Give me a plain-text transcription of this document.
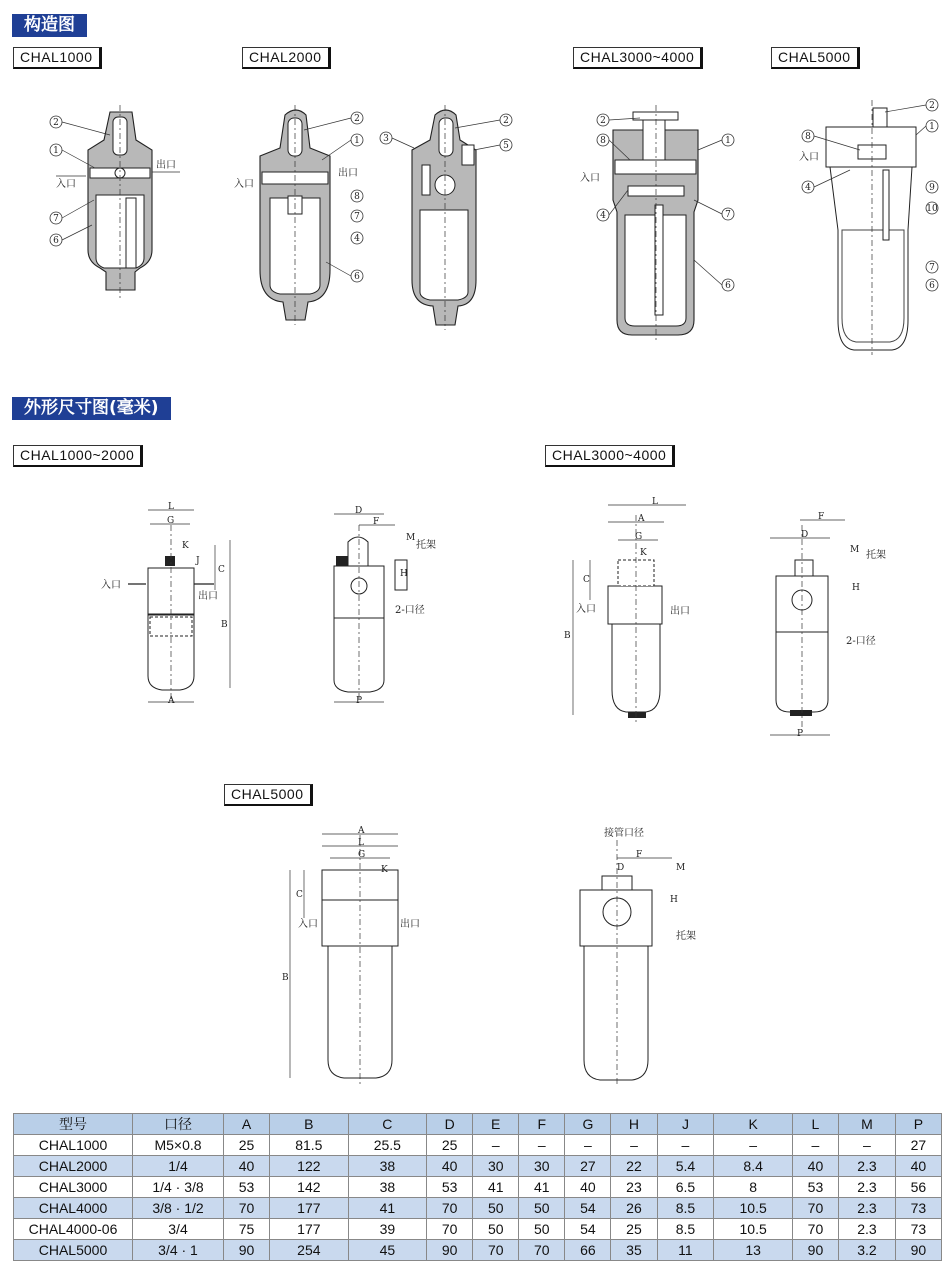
构造图
外形尺寸图(毫米)
CHAL1000	CHAL2000	CHAL3000~4000	CHAL5000
CHAL1000~2000	CHAL3000~4000
CHAL5000
2
1
7
6
入口
出口
2
1
8
7
4
6
入口
出口
3
2
5
2
8
4
1
7
6
入口
2
1
8
4	9
10
7
6
入口
L
G
K
J
C
B
A
入口
出口
D
F
M
H
托架
2-口径
P
L
A
G
K
C
B
入口	出口
F
D
M
H
托架
2-口径
P
A
L
G
K
C
B
入口	出口
接管口径
F
D	M
H
托架
型号	口径	A	B	C	D	E	F	G	H	J	K	L	M	P
CHAL1000	M5×0.8	25	81.5	25.5	25	–	–	–	–	–	–	–	–	27
CHAL2000	1/4	40	122	38	40	30	30	27	22	5.4	8.4	40	2.3	40
CHAL3000	1/4 · 3/8	53	142	38	53	41	41	40	23	6.5	8	53	2.3	56
CHAL4000	3/8 · 1/2	70	177	41	70	50	50	54	26	8.5	10.5	70	2.3	73
CHAL4000-06	3/4	75	177	39	70	50	50	54	25	8.5	10.5	70	2.3	73
CHAL5000	3/4 · 1	90	254	45	90	70	70	66	35	11	13	90	3.2	90
